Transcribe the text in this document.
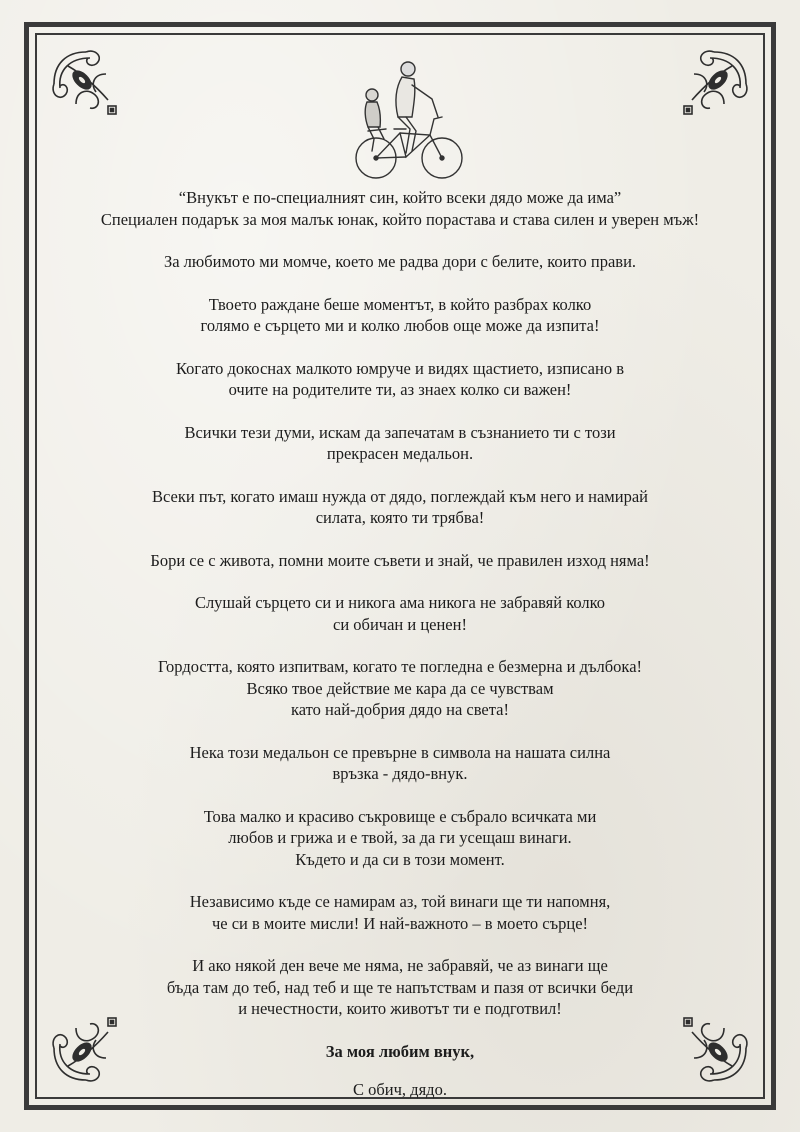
“Внукът е по-специалният син, който всеки дядо може да има”
Специален подарък за моя малък юнак, който порастава и става силен и уверен мъж!

За любимото ми момче, което ме радва дори с белите, които прави.

Твоето раждане беше моментът, в който разбрах колко
голямо е сърцето ми и колко любов още може да изпита!

Когато докоснах малкото юмруче и видях щастието, изписано в
очите на родителите ти, аз знаех колко си важен!

Всички тези думи, искам да запечатам в съзнанието ти с този
прекрасен медальон.

Всеки път, когато имаш нужда от дядо, поглеждай към него и намирай
силата, която ти трябва!

Бори се с живота, помни моите съвети и знай, че правилен изход няма!

Слушай сърцето си и никога ама никога не забравяй колко
си обичан и ценен!

Гордостта, която изпитвам, когато те погледна е безмерна и дълбока!
Всяко твое действие ме кара да се чувствам
като най-добрия дядо на света!

Нека този медальон се превърне в символа на нашата силна
връзка - дядо-внук.

Това малко и красиво съкровище е събрало всичката ми
любов и грижа и е твой, за да ги усещаш винаги.
Където и да си в този момент.

Независимо къде се намирам аз, той винаги ще ти напомня,
че си в моите мисли! И най-важното – в моето сърце!

И ако някой ден вече ме няма, не забравяй, че аз винаги ще
бъда там до теб, над теб и ще те напътствам и пазя от всички беди
и нечестности, които животът ти е подготвил!

За моя любим внук,

С обич, дядо.
